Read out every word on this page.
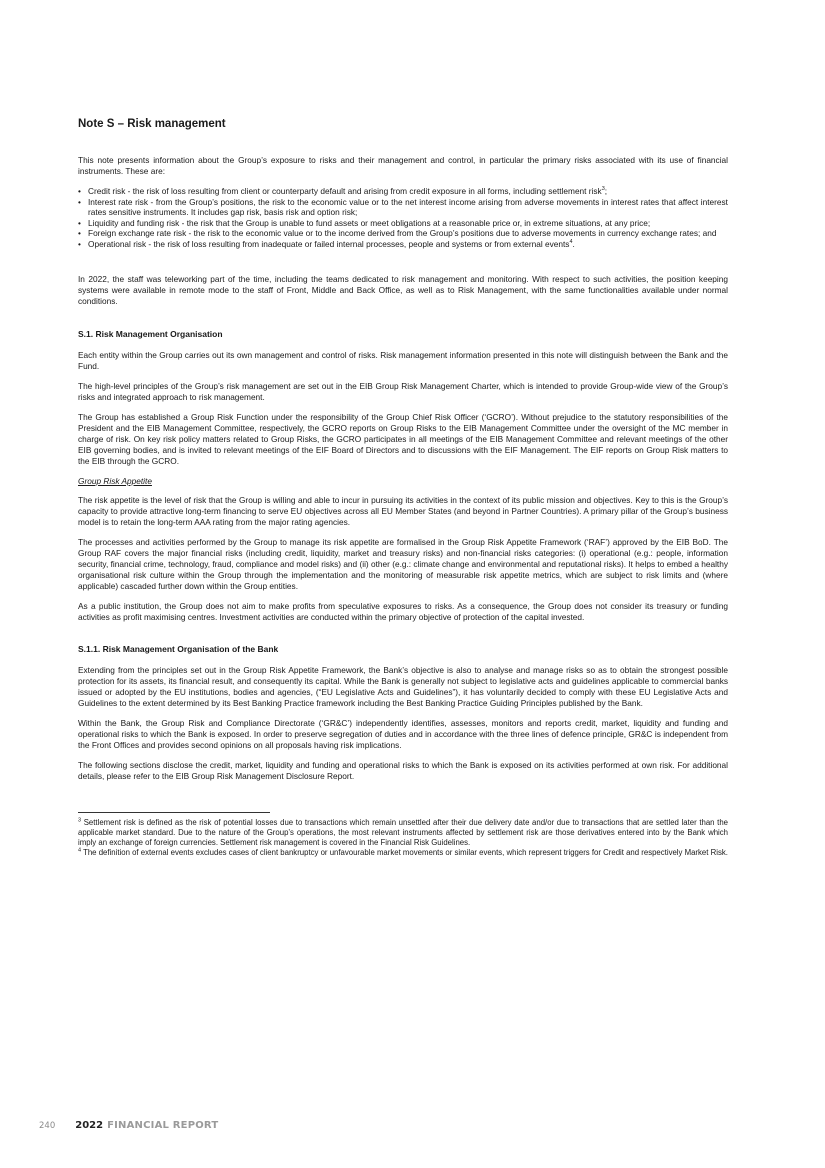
Note S – Risk management

This note presents information about the Group’s exposure to risks and their management and control, in particular the primary risks associated with its use of financial instruments. These are:

• Credit risk - the risk of loss resulting from client or counterparty default and arising from credit exposure in all forms, including settlement risk$^3$;
• Interest rate risk - from the Group’s positions, the risk to the economic value or to the net interest income arising from adverse movements in interest rates that affect interest rates sensitive instruments. It includes gap risk, basis risk and option risk;
• Liquidity and funding risk - the risk that the Group is unable to fund assets or meet obligations at a reasonable price or, in extreme situations, at any price;
• Foreign exchange rate risk - the risk to the economic value or to the income derived from the Group’s positions due to adverse movements in currency exchange rates; and
• Operational risk - the risk of loss resulting from inadequate or failed internal processes, people and systems or from external events$^4$.

In 2022, the staff was teleworking part of the time, including the teams dedicated to risk management and monitoring. With respect to such activities, the position keeping systems were available in remote mode to the staff of Front, Middle and Back Office, as well as to Risk Management, with the same functionalities available under normal conditions.

S.1. Risk Management Organisation

Each entity within the Group carries out its own management and control of risks. Risk management information presented in this note will distinguish between the Bank and the Fund.

The high-level principles of the Group’s risk management are set out in the EIB Group Risk Management Charter, which is intended to provide Group-wide view of the Group’s risks and integrated approach to risk management.

The Group has established a Group Risk Function under the responsibility of the Group Chief Risk Officer (‘GCRO’). Without prejudice to the statutory responsibilities of the President and the EIB Management Committee, respectively, the GCRO reports on Group Risks to the EIB Management Committee under the oversight of the MC member in charge of risk. On key risk policy matters related to Group Risks, the GCRO participates in all meetings of the EIB Management Committee and relevant meetings of the other EIB governing bodies, and is invited to relevant meetings of the EIF Board of Directors and to discussions with the EIF Management. The EIF reports on Group Risk matters to the EIB through the GCRO.

Group Risk Appetite

The risk appetite is the level of risk that the Group is willing and able to incur in pursuing its activities in the context of its public mission and objectives. Key to this is the Group’s capacity to provide attractive long-term financing to serve EU objectives across all EU Member States (and beyond in Partner Countries). A primary pillar of the Group’s business model is to retain the long-term AAA rating from the major rating agencies.

The processes and activities performed by the Group to manage its risk appetite are formalised in the Group Risk Appetite Framework (‘RAF’) approved by the EIB BoD. The Group RAF covers the major financial risks (including credit, liquidity, market and treasury risks) and non-financial risks categories: (i) operational (e.g.: people, information security, financial crime, technology, fraud, compliance and model risks) and (ii) other (e.g.: climate change and environmental and reputational risks). It helps to embed a healthy organisational risk culture within the Group through the implementation and the monitoring of measurable risk appetite metrics, which are subject to risk limits and (where applicable) cascaded further down within the Group entities.

As a public institution, the Group does not aim to make profits from speculative exposures to risks. As a consequence, the Group does not consider its treasury or funding activities as profit maximising centres. Investment activities are conducted within the primary objective of protection of the capital invested.

S.1.1. Risk Management Organisation of the Bank

Extending from the principles set out in the Group Risk Appetite Framework, the Bank’s objective is also to analyse and manage risks so as to obtain the strongest possible protection for its assets, its financial result, and consequently its capital. While the Bank is generally not subject to legislative acts and guidelines applicable to commercial banks issued or adopted by the EU institutions, bodies and agencies, (“EU Legislative Acts and Guidelines”), it has voluntarily decided to comply with these EU Legislative Acts and Guidelines to the extent determined by its Best Banking Practice framework including the Best Banking Practice Guiding Principles published by the Bank.

Within the Bank, the Group Risk and Compliance Directorate (‘GR&C’) independently identifies, assesses, monitors and reports credit, market, liquidity and funding and operational risks to which the Bank is exposed. In order to preserve segregation of duties and in accordance with the three lines of defence principle, GR&C is independent from the Front Offices and provides second opinions on all proposals having risk implications.

The following sections disclose the credit, market, liquidity and funding and operational risks to which the Bank is exposed on its activities performed at own risk. For additional details, please refer to the EIB Group Risk Management Disclosure Report.

$^3$ Settlement risk is defined as the risk of potential losses due to transactions which remain unsettled after their due delivery date and/or due to transactions that are settled later than the applicable market standard. Due to the nature of the Group’s operations, the most relevant instruments affected by settlement risk are those derivatives entered into by the Bank which imply an exchange of foreign currencies. Settlement risk management is covered in the Financial Risk Guidelines.

$^4$ The definition of external events excludes cases of client bankruptcy or unfavourable market movements or similar events, which represent triggers for Credit and respectively Market Risk.

240 2022 FINANCIAL REPORT
